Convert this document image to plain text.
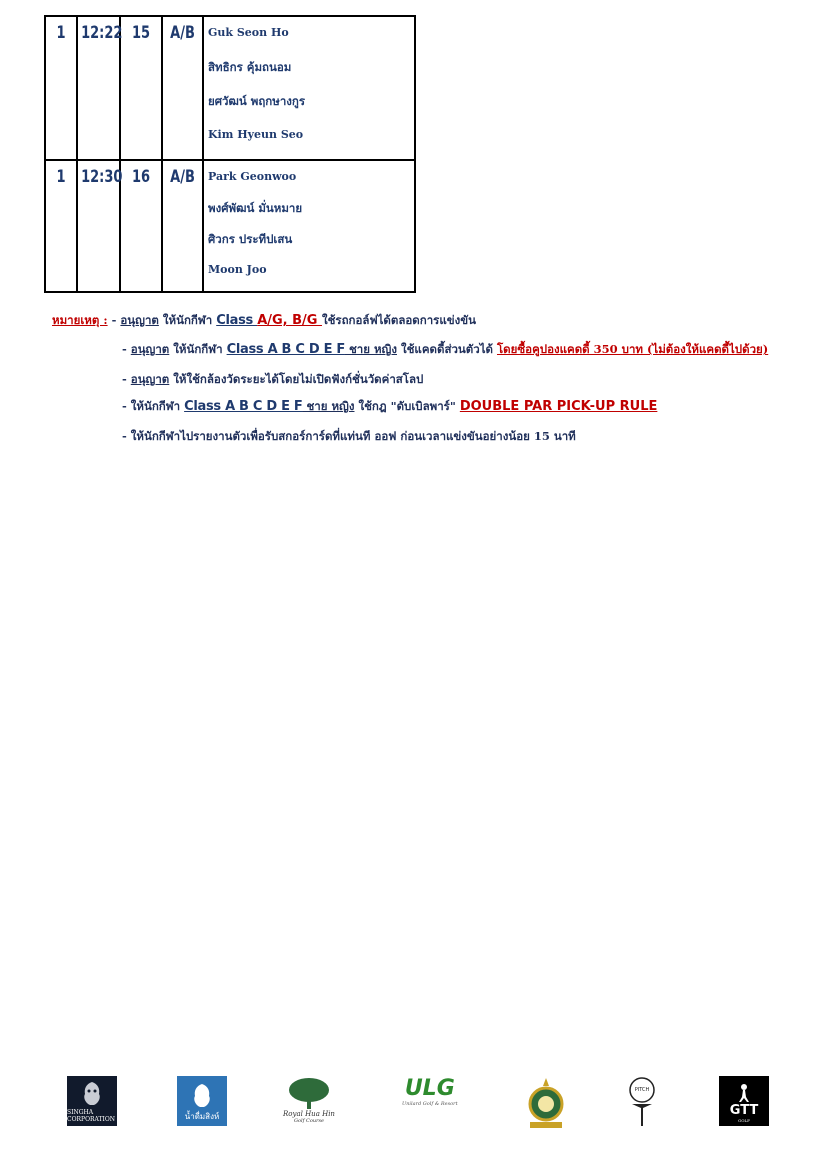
1	12:22	15	A/B	Guk Seon Ho
สิทธิกร คุ้มถนอม
ยศวัฒน์ พฤกษางกูร
Kim Hyeun Seo

1	12:30	16	A/B	Park Geonwoo
พงศ์พัฒน์ มั่นหมาย
ศิวกร ประทีปเสน
Moon Joo
หมายเหตุ : - อนุญาต ให้นักกีฬา Class A/G, B/G ใช้รถกอล์ฟได้ตลอดการแข่งขัน
- อนุญาต ให้นักกีฬา Class A B C D E F ชาย หญิง ใช้แคดดี้ส่วนตัวได้ โดยซื้อคูปองแคดดี้ 350 บาท (ไม่ต้องให้แคดดี้ไปด้วย)
- อนุญาต ให้ใช้กล้องวัดระยะได้โดยไม่เปิดฟังก์ชั่นวัดค่าสโลป
- ให้นักกีฬา Class A B C D E F ชาย หญิง ใช้กฎ "ดับเบิลพาร์" DOUBLE PAR PICK-UP RULE
- ให้นักกีฬาไปรายงานตัวเพื่อรับสกอร์การ์ดที่แท่นที ออฟ ก่อนเวลาแข่งขันอย่างน้อย 15 นาที
SINGHA CORPORATION	น้ำดื่มสิงห์	Royal Hua Hin
Golf Course
ULG
Unilard Golf & Resort
PITCH
GTT
GOLF
